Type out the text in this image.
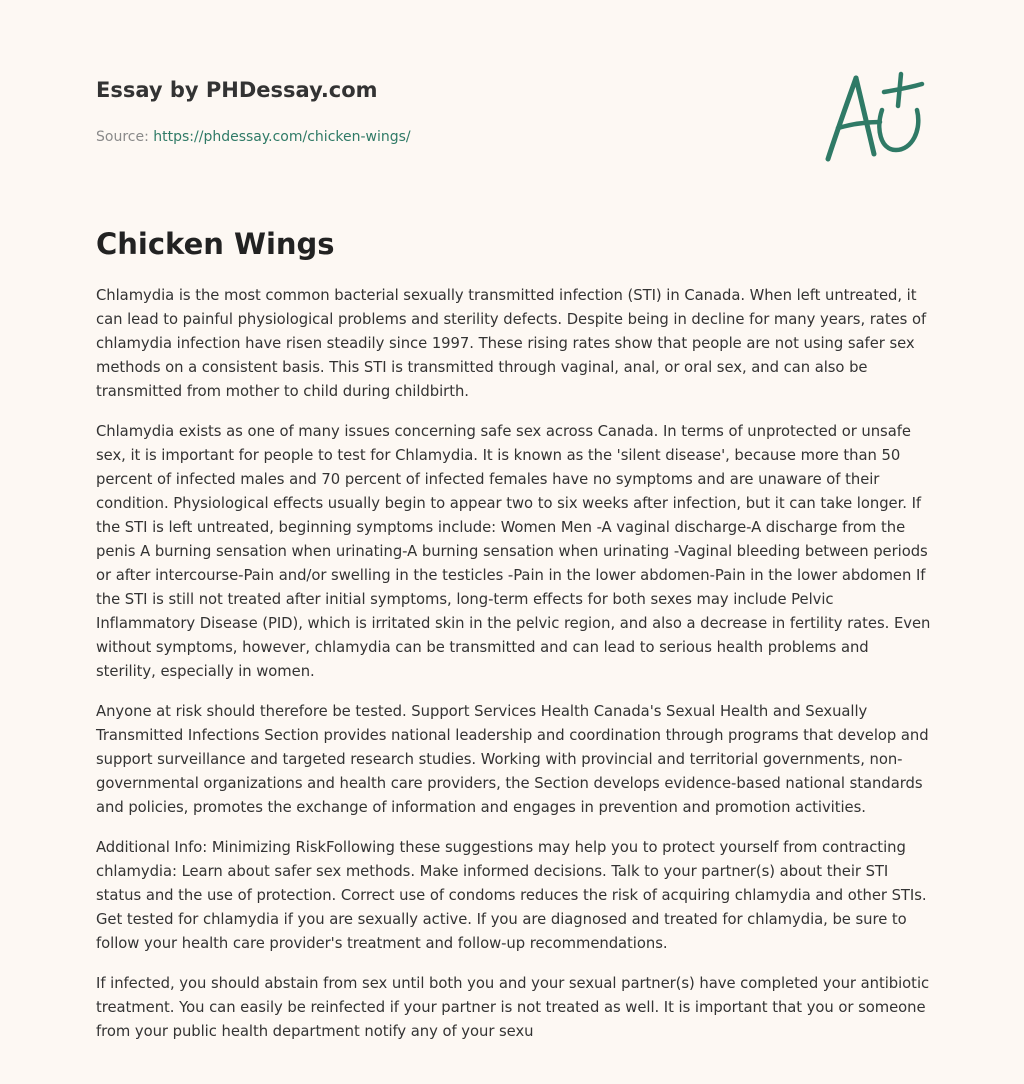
Essay by PHDessay.com
Source: https://phdessay.com/chicken-wings/
Chicken Wings

Chlamydia is the most common bacterial sexually transmitted infection (STI) in Canada. When left untreated, it can lead to painful physiological problems and sterility defects. Despite being in decline for many years, rates of chlamydia infection have risen steadily since 1997. These rising rates show that people are not using safer sex methods on a consistent basis. This STI is transmitted through vaginal, anal, or oral sex, and can also be transmitted from mother to child during childbirth.

Chlamydia exists as one of many issues concerning safe sex across Canada. In terms of unprotected or unsafe sex, it is important for people to test for Chlamydia. It is known as the 'silent disease', because more than 50 percent of infected males and 70 percent of infected females have no symptoms and are unaware of their condition. Physiological effects usually begin to appear two to six weeks after infection, but it can take longer. If the STI is left untreated, beginning symptoms include: Women Men -A vaginal discharge-A discharge from the penis A burning sensation when urinating-A burning sensation when urinating -Vaginal bleeding between periods or after intercourse-Pain and/or swelling in the testicles -Pain in the lower abdomen-Pain in the lower abdomen If the STI is still not treated after initial symptoms, long-term effects for both sexes may include Pelvic Inflammatory Disease (PID), which is irritated skin in the pelvic region, and also a decrease in fertility rates. Even without symptoms, however, chlamydia can be transmitted and can lead to serious health problems and sterility, especially in women.

Anyone at risk should therefore be tested. Support Services Health Canada's Sexual Health and Sexually Transmitted Infections Section provides national leadership and coordination through programs that develop and support surveillance and targeted research studies. Working with provincial and territorial governments, non-governmental organizations and health care providers, the Section develops evidence-based national standards and policies, promotes the exchange of information and engages in prevention and promotion activities.

Additional Info: Minimizing RiskFollowing these suggestions may help you to protect yourself from contracting chlamydia: Learn about safer sex methods. Make informed decisions. Talk to your partner(s) about their STI status and the use of protection. Correct use of condoms reduces the risk of acquiring chlamydia and other STIs. Get tested for chlamydia if you are sexually active. If you are diagnosed and treated for chlamydia, be sure to follow your health care provider's treatment and follow-up recommendations.

If infected, you should abstain from sex until both you and your sexual partner(s) have completed your antibiotic treatment. You can easily be reinfected if your partner is not treated as well. It is important that you or someone from your public health department notify any of your sexu
